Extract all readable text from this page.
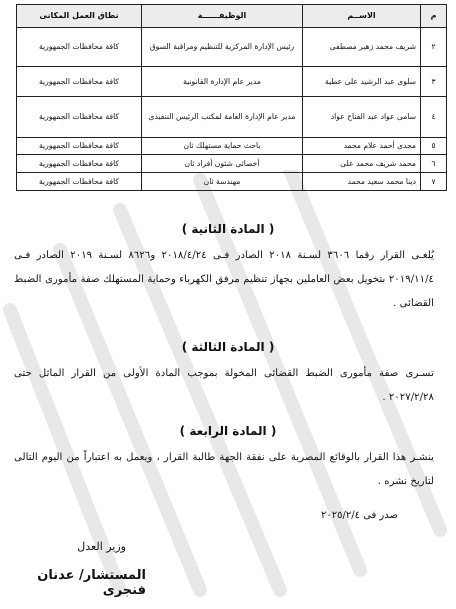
م	الاســم	الوظيفــــــة	نطاق العمل المكانى
٢	شريف محمد زهير مصطفى	رئيس الإدارة المركزية للتنظيم ومراقبة السوق	كافة محافظات الجمهورية
٣	سلوى عبد الرشيد على عطية	مدير عام الإدارة القانونية	كافة محافظات الجمهورية
٤	سامى عواد عبد الفتاح عواد	مدير عام الإدارة العامة لمكتب الرئيس التنفيذى	كافة محافظات الجمهورية
٥	مجدى أحمد علام محمد	باحث حماية مستهلك ثان	كافة محافظات الجمهورية
٦	محمد شريف محمد على	أخصائى شئون أفراد ثان	كافة محافظات الجمهورية
٧	دينا محمد سعيد محمد	مهندسة ثان	كافة محافظات الجمهورية
( المادة الثانية )
يُلغـى القرار رقما ٣٦٠٦ لسـنة ٢٠١٨ الصادر فـى ٢٠١٨/٤/٢٤ و٨٦٢٦ لسـنة ٢٠١٩ الصادر فـى ٢٠١٩/١١/٤ بتخويل بعض العاملين بجهاز تنظيم مرفق الكهرباء وحماية المستهلك صفة مأمورى الضبط القضائى .
( المادة الثالثة )
تسـرى صفة مأمورى الضبط القضائى المخولة بموجب المادة الأولى من القرار الماثل حتى ٢٠٢٧/٢/٢٨ .
( المادة الرابعة )
ينشـر هذا القرار بالوقائع المصرية على نفقة الجهة طالبة القرار ، ويعمل به اعتباراً من اليوم التالى لتاريخ نشره .
صدر فى ٢٠٢٥/٢/٤
وزير العدل
المستشار/ عدنان فنجرى
